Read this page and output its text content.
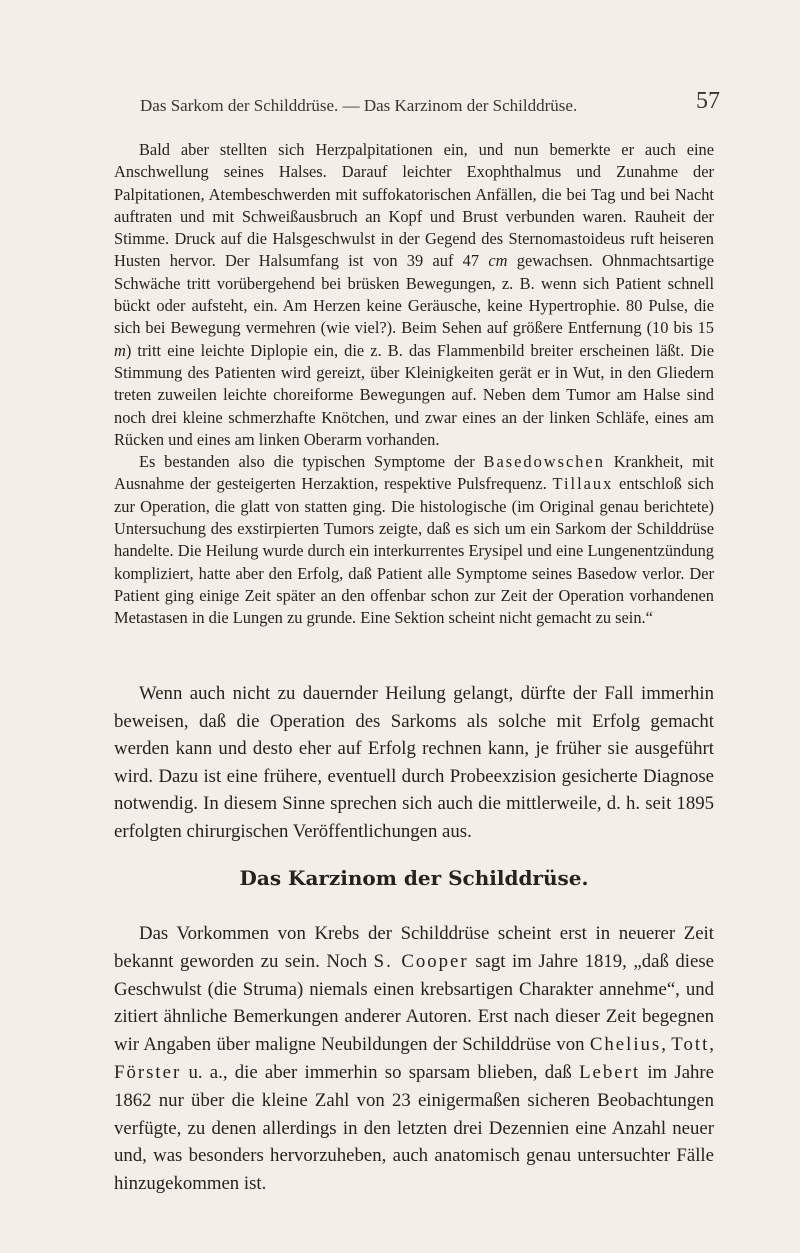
Das Sarkom der Schilddrüse. — Das Karzinom der Schilddrüse.	57

Bald aber stellten sich Herzpalpitationen ein, und nun bemerkte er auch eine Anschwellung seines Halses. Darauf leichter Exophthalmus und Zunahme der Palpitationen, Atembeschwerden mit suffokatorischen Anfällen, die bei Tag und bei Nacht auftraten und mit Schweißausbruch an Kopf und Brust verbunden waren. Rauheit der Stimme. Druck auf die Halsgeschwulst in der Gegend des Sternomastoideus ruft heiseren Husten hervor. Der Halsumfang ist von 39 auf 47 cm gewachsen. Ohnmachtsartige Schwäche tritt vorübergehend bei brüsken Bewegungen, z. B. wenn sich Patient schnell bückt oder aufsteht, ein. Am Herzen keine Geräusche, keine Hypertrophie. 80 Pulse, die sich bei Bewegung vermehren (wie viel?). Beim Sehen auf größere Entfernung (10 bis 15 m) tritt eine leichte Diplopie ein, die z. B. das Flammenbild breiter erscheinen läßt. Die Stimmung des Patienten wird gereizt, über Kleinigkeiten gerät er in Wut, in den Gliedern treten zuweilen leichte choreiforme Bewegungen auf. Neben dem Tumor am Halse sind noch drei kleine schmerzhafte Knötchen, und zwar eines an der linken Schläfe, eines am Rücken und eines am linken Oberarm vorhanden.

Es bestanden also die typischen Symptome der Basedowschen Krankheit, mit Ausnahme der gesteigerten Herzaktion, respektive Pulsfrequenz. Tillaux entschloß sich zur Operation, die glatt von statten ging. Die histologische (im Original genau berichtete) Untersuchung des exstirpierten Tumors zeigte, daß es sich um ein Sarkom der Schilddrüse handelte. Die Heilung wurde durch ein interkurrentes Erysipel und eine Lungenentzündung kompliziert, hatte aber den Erfolg, daß Patient alle Symptome seines Basedow verlor. Der Patient ging einige Zeit später an den offenbar schon zur Zeit der Operation vorhandenen Metastasen in die Lungen zu grunde. Eine Sektion scheint nicht gemacht zu sein.“

Wenn auch nicht zu dauernder Heilung gelangt, dürfte der Fall immerhin beweisen, daß die Operation des Sarkoms als solche mit Erfolg gemacht werden kann und desto eher auf Erfolg rechnen kann, je früher sie ausgeführt wird. Dazu ist eine frühere, eventuell durch Probeexzision gesicherte Diagnose notwendig. In diesem Sinne sprechen sich auch die mittlerweile, d. h. seit 1895 erfolgten chirurgischen Veröffentlichungen aus.

Das Karzinom der Schilddrüse.

Das Vorkommen von Krebs der Schilddrüse scheint erst in neuerer Zeit bekannt geworden zu sein. Noch S. Cooper sagt im Jahre 1819, „daß diese Geschwulst (die Struma) niemals einen krebsartigen Charakter annehme“, und zitiert ähnliche Bemerkungen anderer Autoren. Erst nach dieser Zeit begegnen wir Angaben über maligne Neubildungen der Schilddrüse von Chelius, Tott, Förster u. a., die aber immerhin so sparsam blieben, daß Lebert im Jahre 1862 nur über die kleine Zahl von 23 einigermaßen sicheren Beobachtungen verfügte, zu denen allerdings in den letzten drei Dezennien eine Anzahl neuer und, was besonders hervorzuheben, auch anatomisch genau untersuchter Fälle hinzugekommen ist.
